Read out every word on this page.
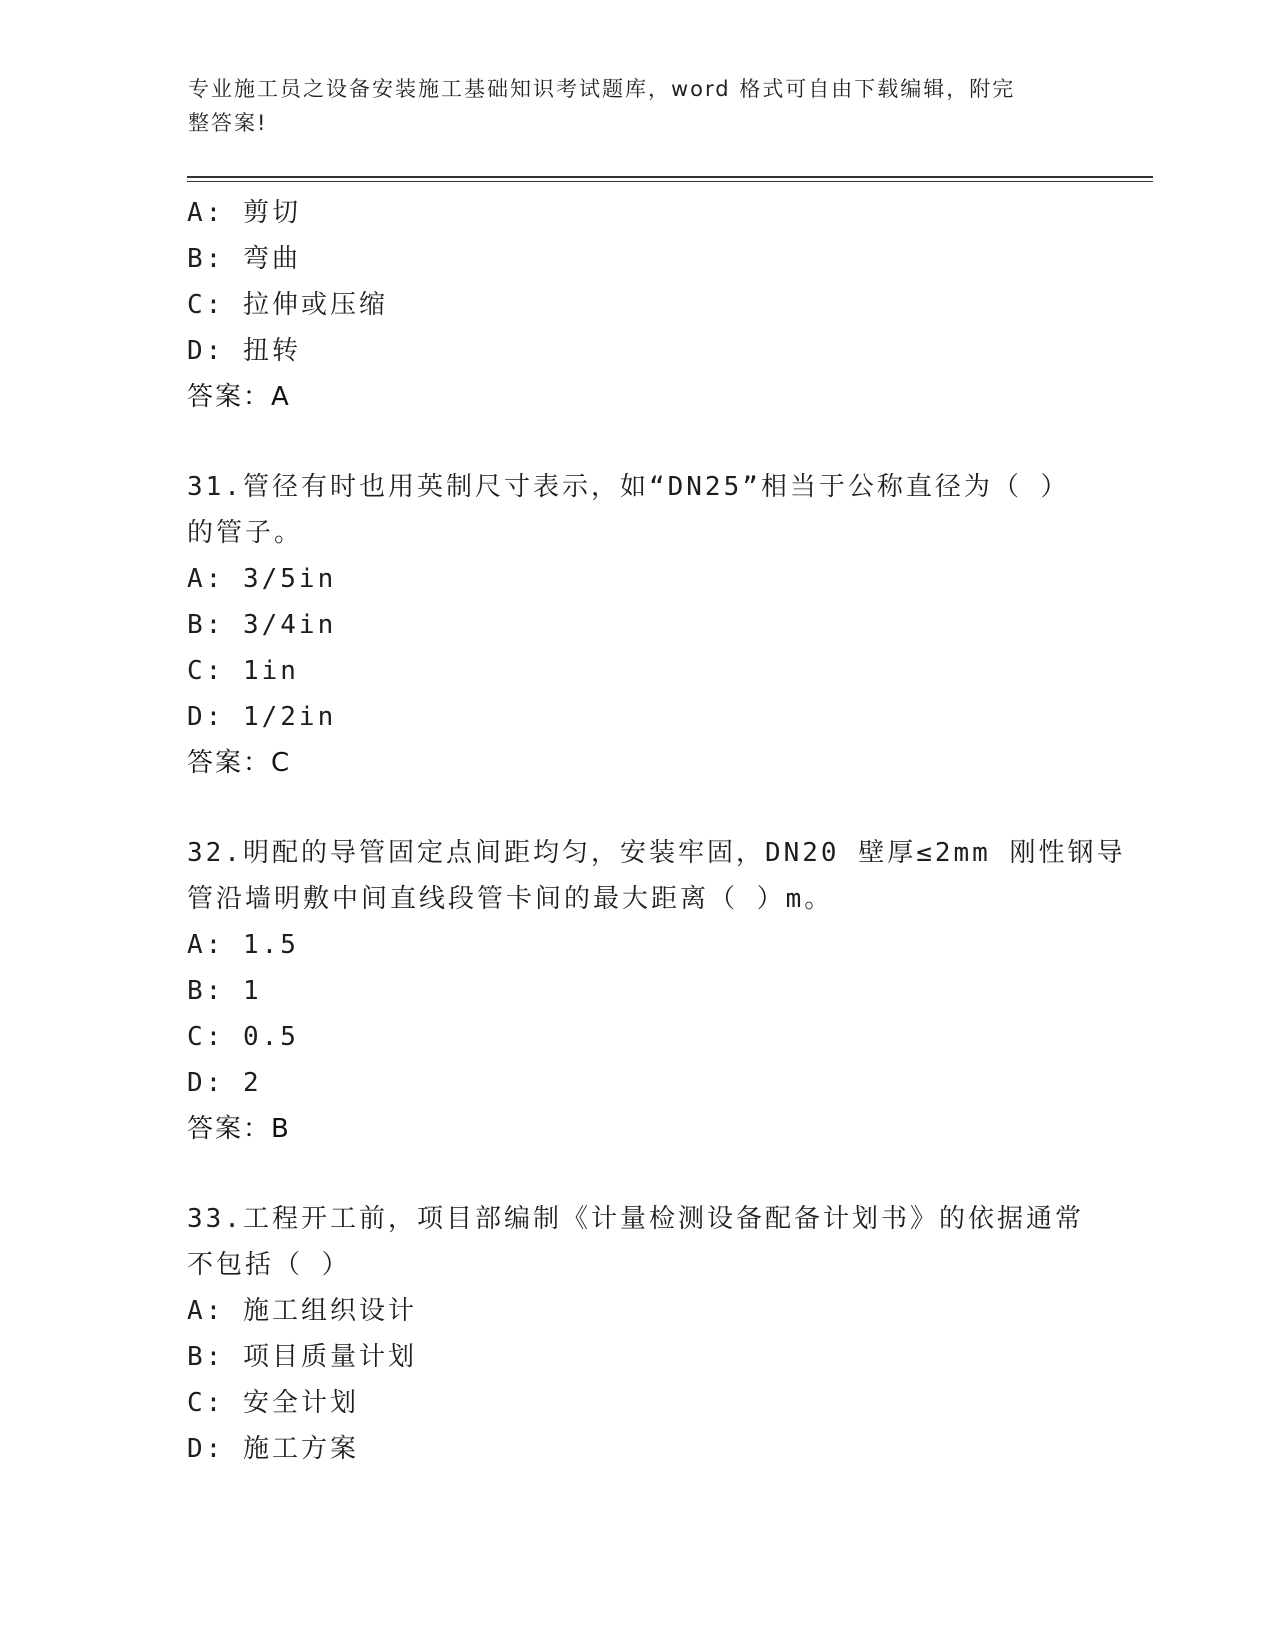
专业施工员之设备安装施工基础知识考试题库，word 格式可自由下载编辑，附完
整答案!
A: 剪切
B: 弯曲
C: 拉伸或压缩
D: 扭转
答案：A
31.管径有时也用英制尺寸表示，如“DN25”相当于公称直径为（ ）
的管子。
A: 3/5in
B: 3/4in
C: 1in
D: 1/2in
答案：C
32.明配的导管固定点间距均匀，安装牢固，DN20 壁厚≤2mm 刚性钢导
管沿墙明敷中间直线段管卡间的最大距离（ ）m。
A: 1.5
B: 1
C: 0.5
D: 2
答案：B
33.工程开工前，项目部编制《计量检测设备配备计划书》的依据通常
不包括（ ）
A: 施工组织设计
B: 项目质量计划
C: 安全计划
D: 施工方案
